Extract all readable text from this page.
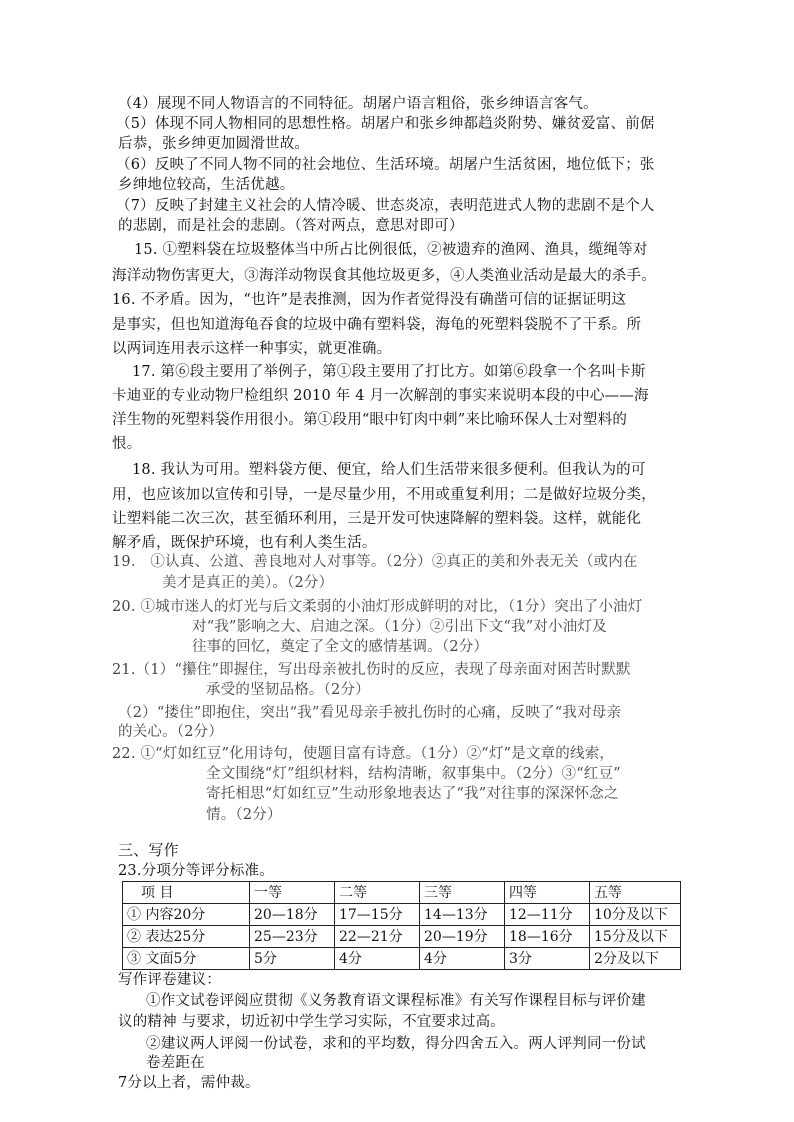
（4）展现不同人物语言的不同特征。胡屠户语言粗俗，张乡绅语言客气。
（5）体现不同人物相同的思想性格。胡屠户和张乡绅都趋炎附势、嫌贫爱富、前倨
后恭，张乡绅更加圆滑世故。
（6）反映了不同人物不同的社会地位、生活环境。胡屠户生活贫困，地位低下；张
乡绅地位较高，生活优越。
（7）反映了封建主义社会的人情冷暖、世态炎凉，表明范进式人物的悲剧不是个人
的悲剧，而是社会的悲剧。（答对两点，意思对即可）
15. ①塑料袋在垃圾整体当中所占比例很低，②被遗弃的渔网、渔具，缆绳等对
海洋动物伤害更大，③海洋动物误食其他垃圾更多，④人类渔业活动是最大的杀手。
16. 不矛盾。因为，“也许”是表推测，因为作者觉得没有确凿可信的证据证明这
是事实，但也知道海龟吞食的垃圾中确有塑料袋，海龟的死塑料袋脱不了干系。所
以两词连用表示这样一种事实，就更准确。
17. 第⑥段主要用了举例子，第①段主要用了打比方。如第⑥段拿一个名叫卡斯
卡迪亚的专业动物尸检组织 2010 年 4 月一次解剖的事实来说明本段的中心——海
洋生物的死塑料袋作用很小。第①段用“眼中钉肉中刺”来比喻环保人士对塑料的
恨。
18. 我认为可用。塑料袋方便、便宜，给人们生活带来很多便利。但我认为的可
用，也应该加以宣传和引导，一是尽量少用，不用或重复利用；二是做好垃圾分类，
让塑料能二次三次，甚至循环利用，三是开发可快速降解的塑料袋。这样，就能化
解矛盾，既保护环境，也有利人类生活。
19． ①认真、公道、善良地对人对事等。（2分）②真正的美和外表无关（或内在
美才是真正的美）。（2分）
20. ①城市迷人的灯光与后文柔弱的小油灯形成鲜明的对比，（1分）突出了小油灯
对“我”影响之大、启迪之深。（1分）②引出下文“我”对小油灯及
往事的回忆，奠定了全文的感情基调。（2分）
21.（1）“攥住”即握住，写出母亲被扎伤时的反应，表现了母亲面对困苦时默默
承受的坚韧品格。（2分）
（2）“搂住”即抱住，突出“我”看见母亲手被扎伤时的心痛，反映了“我对母亲
的关心。（2分）
22. ①“灯如红豆”化用诗句，使题目富有诗意。（1分）②“灯”是文章的线索，
全文围绕“灯”组织材料，结构清晰，叙事集中。（2分）③“红豆”
寄托相思“灯如红豆”生动形象地表达了“我”对往事的深深怀念之
情。（2分）
三、写作
23.分项分等评分标准。
项 目	一等	二等	三等	四等	五等
① 内容20分	20—18分	17—15分	14—13分	12—11分	10分及以下
② 表达25分	25—23分	22—21分	20—19分	18—16分	15分及以下
③ 文面5分	5分	4分	4分	3分	2分及以下
写作评卷建议：
①作文试卷评阅应贯彻《义务教育语文课程标准》有关写作课程目标与评价建
议的精神 与要求，切近初中学生学习实际，不宜要求过高。
②建议两人评阅一份试卷，求和的平均数，得分四舍五入。两人评判同一份试
卷差距在
7分以上者，需仲裁。
